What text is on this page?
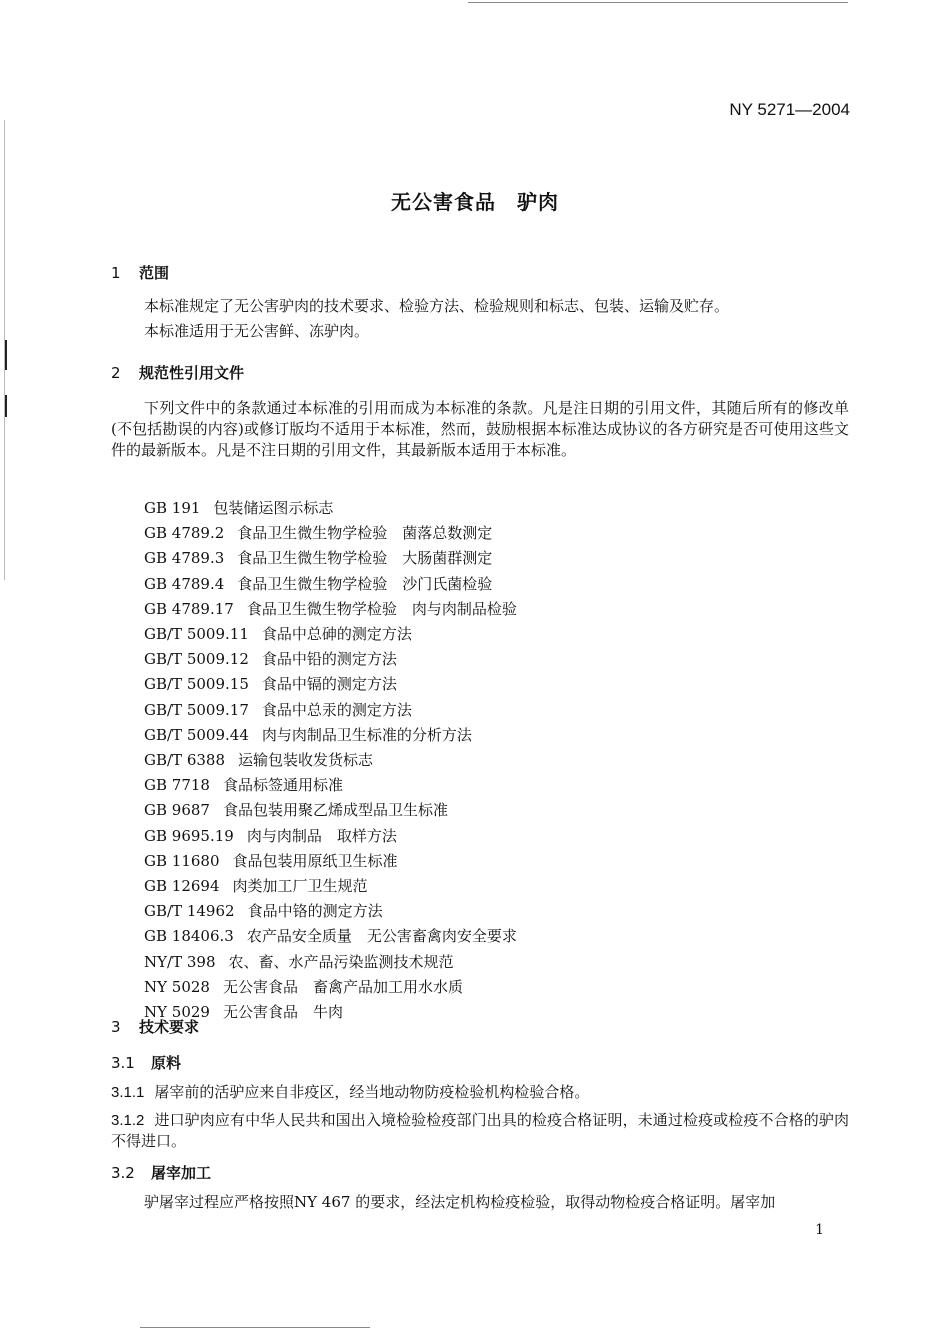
NY 5271—2004
无公害食品　驴肉
1 范围
本标准规定了无公害驴肉的技术要求、检验方法、检验规则和标志、包装、运输及贮存。
本标准适用于无公害鲜、冻驴肉。
2 规范性引用文件
下列文件中的条款通过本标准的引用而成为本标准的条款。凡是注日期的引用文件，其随后所有的修改单(不包括勘误的内容)或修订版均不适用于本标准，然而，鼓励根据本标准达成协议的各方研究是否可使用这些文件的最新版本。凡是不注日期的引用文件，其最新版本适用于本标准。
GB 191 包装储运图示标志
GB 4789.2 食品卫生微生物学检验　菌落总数测定
GB 4789.3 食品卫生微生物学检验　大肠菌群测定
GB 4789.4 食品卫生微生物学检验　沙门氏菌检验
GB 4789.17 食品卫生微生物学检验　肉与肉制品检验
GB/T 5009.11 食品中总砷的测定方法
GB/T 5009.12 食品中铅的测定方法
GB/T 5009.15 食品中镉的测定方法
GB/T 5009.17 食品中总汞的测定方法
GB/T 5009.44 肉与肉制品卫生标准的分析方法
GB/T 6388 运输包装收发货标志
GB 7718 食品标签通用标准
GB 9687 食品包装用聚乙烯成型品卫生标准
GB 9695.19 肉与肉制品　取样方法
GB 11680 食品包装用原纸卫生标准
GB 12694 肉类加工厂卫生规范
GB/T 14962 食品中铬的测定方法
GB 18406.3 农产品安全质量　无公害畜禽肉安全要求
NY/T 398 农、畜、水产品污染监测技术规范
NY 5028 无公害食品　畜禽产品加工用水水质
NY 5029 无公害食品　牛肉
3 技术要求
3.1 原料
3.1.1 屠宰前的活驴应来自非疫区，经当地动物防疫检验机构检验合格。
3.1.2 进口驴肉应有中华人民共和国出入境检验检疫部门出具的检疫合格证明，未通过检疫或检疫不合格的驴肉不得进口。
3.2 屠宰加工
驴屠宰过程应严格按照NY 467 的要求，经法定机构检疫检验，取得动物检疫合格证明。屠宰加
1
